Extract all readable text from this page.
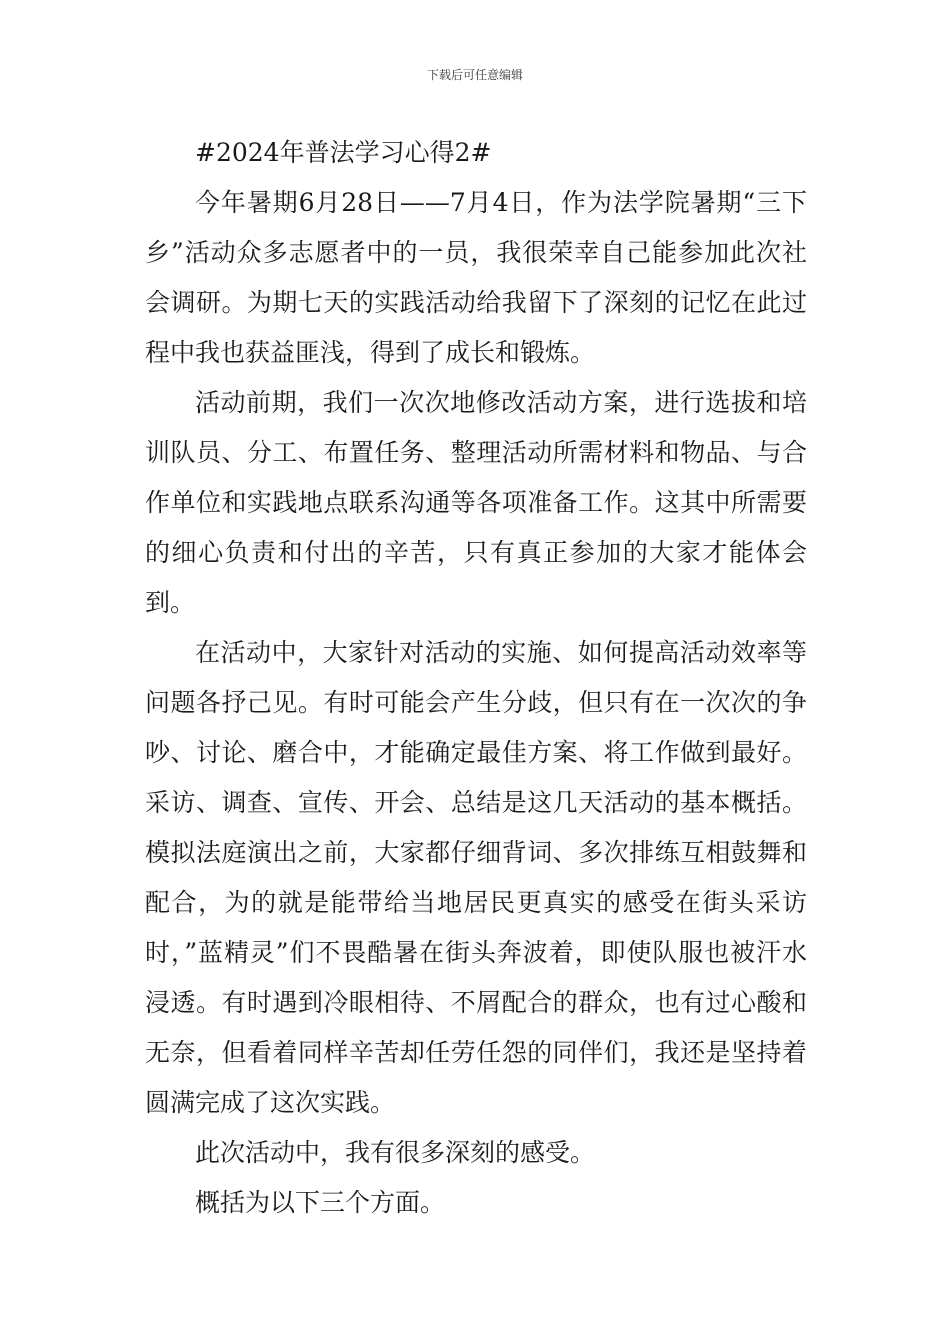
下载后可任意编辑

#2024年普法学习心得2#

今年暑期6月28日——7月4日，作为法学院暑期“三下乡”活动众多志愿者中的一员，我很荣幸自己能参加此次社会调研。为期七天的实践活动给我留下了深刻的记忆在此过程中我也获益匪浅，得到了成长和锻炼。

活动前期，我们一次次地修改活动方案，进行选拔和培训队员、分工、布置任务、整理活动所需材料和物品、与合作单位和实践地点联系沟通等各项准备工作。这其中所需要的细心负责和付出的辛苦，只有真正参加的大家才能体会到。

在活动中，大家针对活动的实施、如何提高活动效率等问题各抒己见。有时可能会产生分歧，但只有在一次次的争吵、讨论、磨合中，才能确定最佳方案、将工作做到最好。采访、调查、宣传、开会、总结是这几天活动的基本概括。模拟法庭演出之前，大家都仔细背词、多次排练互相鼓舞和配合，为的就是能带给当地居民更真实的感受在街头采访时，”蓝精灵”们不畏酷暑在街头奔波着，即使队服也被汗水浸透。有时遇到冷眼相待、不屑配合的群众，也有过心酸和无奈，但看着同样辛苦却任劳任怨的同伴们，我还是坚持着圆满完成了这次实践。

此次活动中，我有很多深刻的感受。

概括为以下三个方面。
